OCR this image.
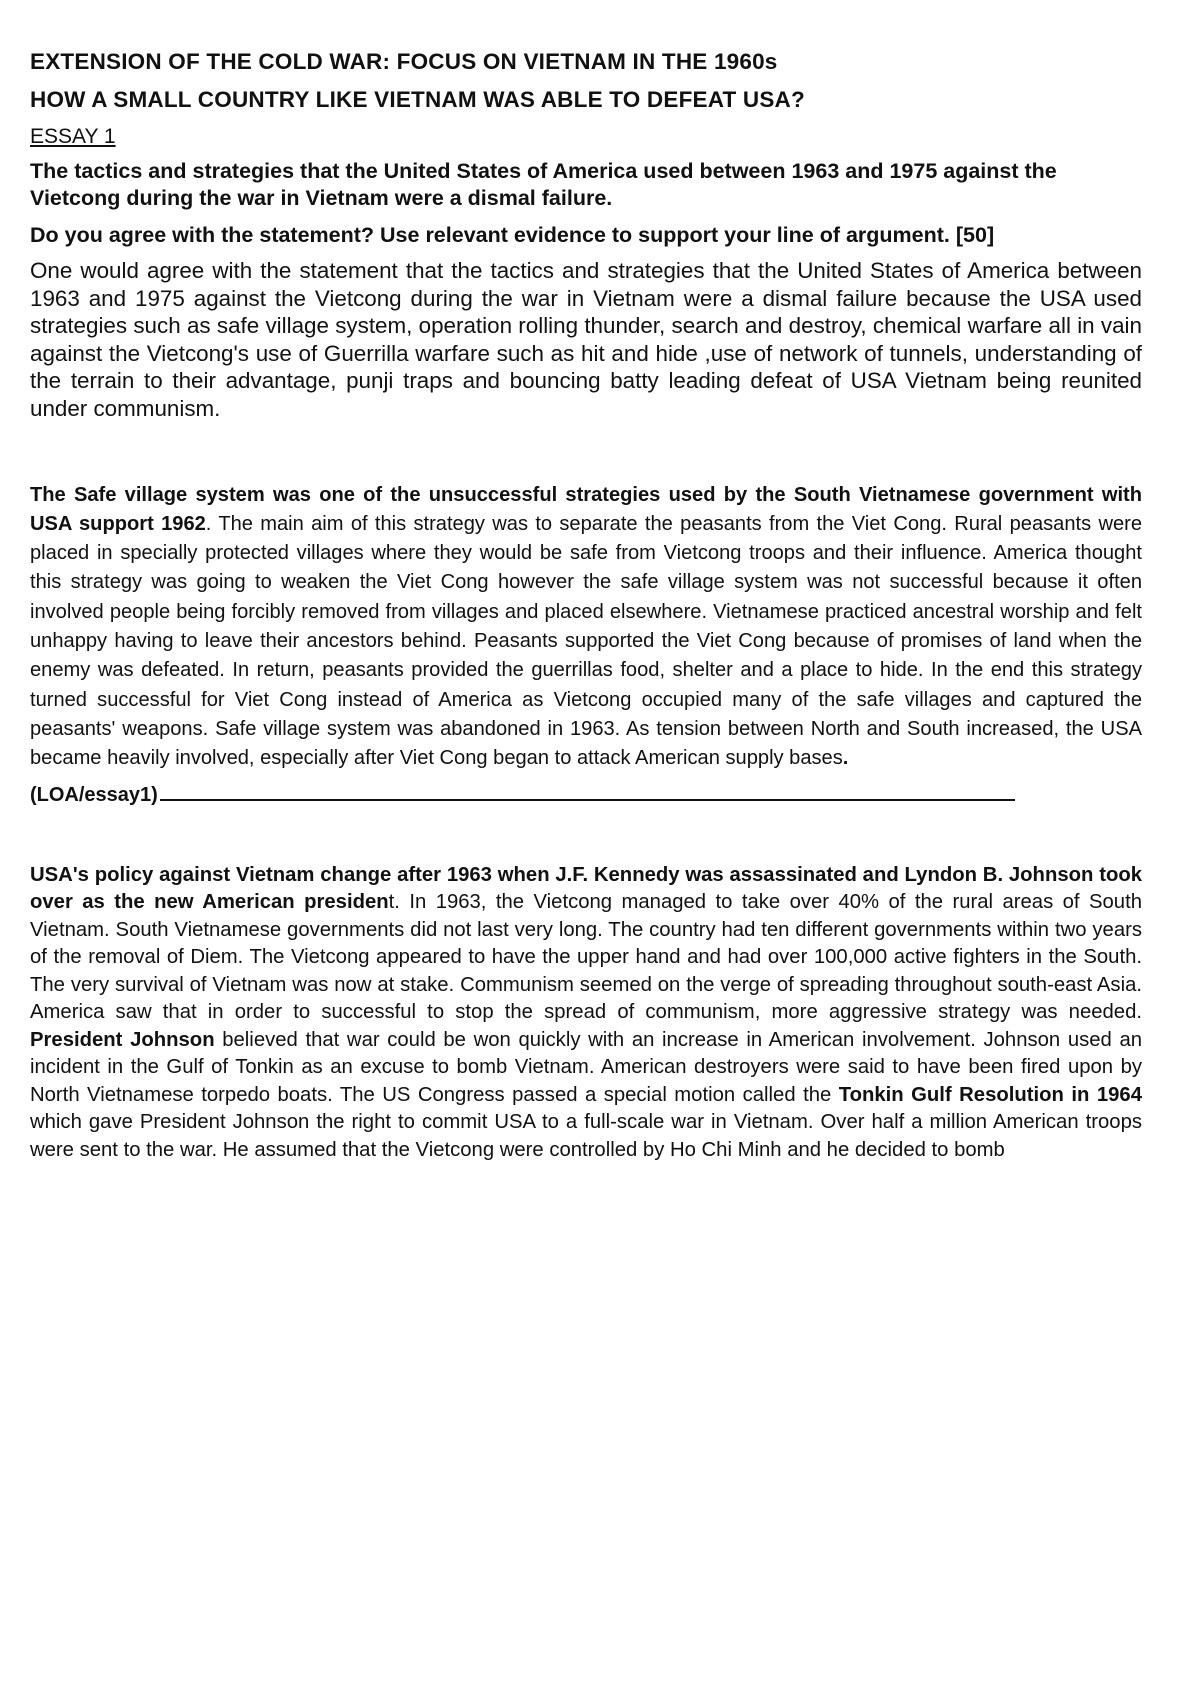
EXTENSION OF THE COLD WAR: FOCUS ON VIETNAM IN THE 1960s
HOW A SMALL COUNTRY LIKE VIETNAM WAS ABLE TO DEFEAT USA?
ESSAY 1
The tactics and strategies that the United States of America used between 1963 and 1975 against the Vietcong during the war in Vietnam were a dismal failure.
Do you agree with the statement? Use relevant evidence to support your line of argument. [50]

One would agree with the statement that the tactics and strategies that the United States of America between 1963 and 1975 against the Vietcong during the war in Vietnam were a dismal failure because the USA used strategies such as safe village system, operation rolling thunder, search and destroy, chemical warfare all in vain against the Vietcong's use of Guerrilla warfare such as hit and hide ,use of network of tunnels, understanding of the terrain to their advantage, punji traps and bouncing batty leading defeat of USA Vietnam being reunited under communism.

The Safe village system was one of the unsuccessful strategies used by the South Vietnamese government with USA support 1962. The main aim of this strategy was to separate the peasants from the Viet Cong. Rural peasants were placed in specially protected villages where they would be safe from Vietcong troops and their influence. America thought this strategy was going to weaken the Viet Cong however the safe village system was not successful because it often involved people being forcibly removed from villages and placed elsewhere. Vietnamese practiced ancestral worship and felt unhappy having to leave their ancestors behind. Peasants supported the Viet Cong because of promises of land when the enemy was defeated. In return, peasants provided the guerrillas food, shelter and a place to hide. In the end this strategy turned successful for Viet Cong instead of America as Vietcong occupied many of the safe villages and captured the peasants' weapons. Safe village system was abandoned in 1963. As tension between North and South increased, the USA became heavily involved, especially after Viet Cong began to attack American supply bases.

(LOA/essay1)

USA's policy against Vietnam change after 1963 when J.F. Kennedy was assassinated and Lyndon B. Johnson took over as the new American president. In 1963, the Vietcong managed to take over 40% of the rural areas of South Vietnam. South Vietnamese governments did not last very long. The country had ten different governments within two years of the removal of Diem. The Vietcong appeared to have the upper hand and had over 100,000 active fighters in the South. The very survival of Vietnam was now at stake. Communism seemed on the verge of spreading throughout south-east Asia. America saw that in order to successful to stop the spread of communism, more aggressive strategy was needed. President Johnson believed that war could be won quickly with an increase in American involvement. Johnson used an incident in the Gulf of Tonkin as an excuse to bomb Vietnam. American destroyers were said to have been fired upon by North Vietnamese torpedo boats. The US Congress passed a special motion called the Tonkin Gulf Resolution in 1964 which gave President Johnson the right to commit USA to a full-scale war in Vietnam. Over half a million American troops were sent to the war. He assumed that the Vietcong were controlled by Ho Chi Minh and he decided to bomb
